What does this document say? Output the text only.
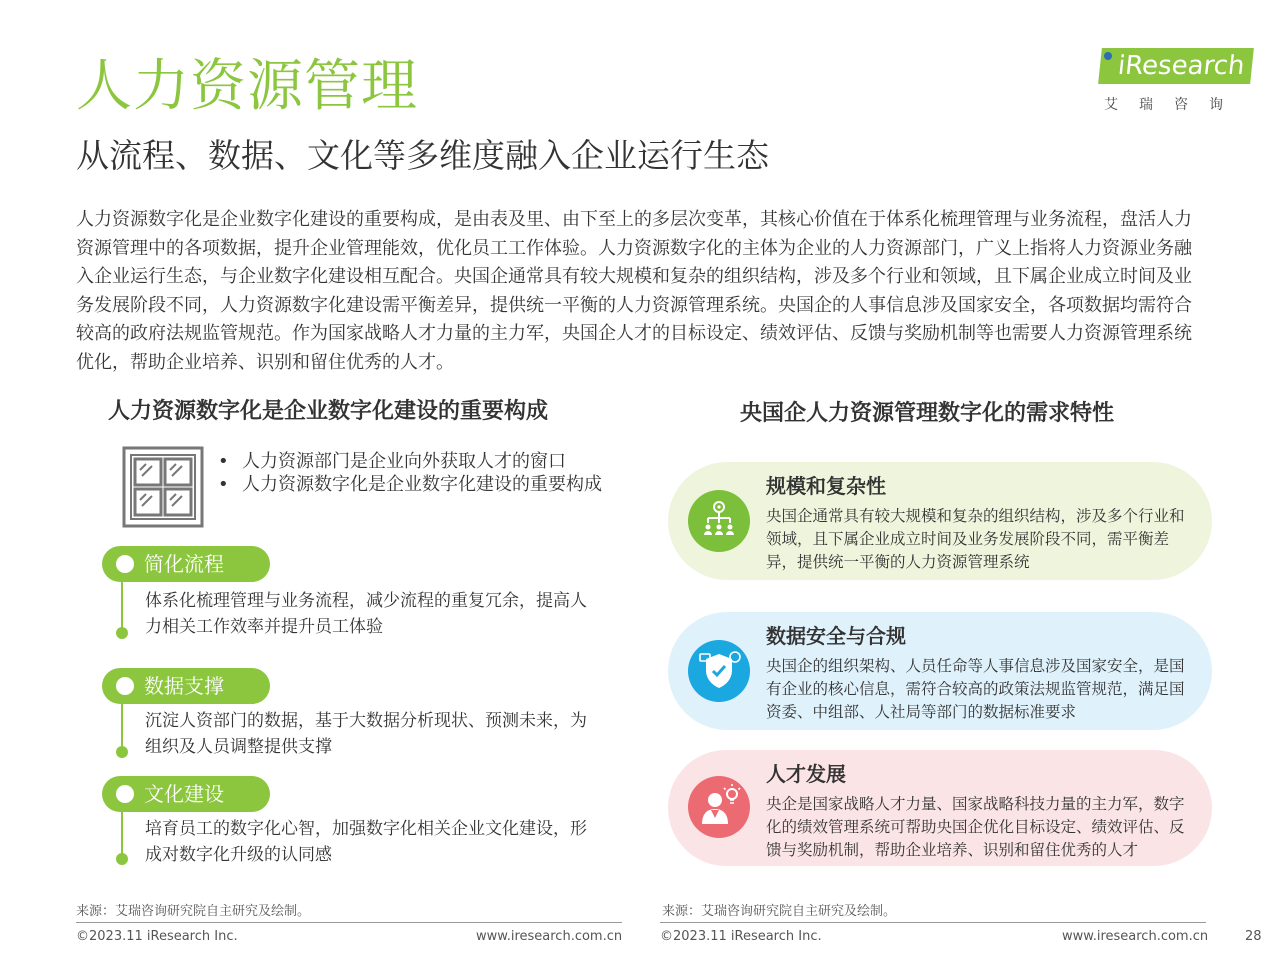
人力资源管理
从流程、数据、文化等多维度融入企业运行生态
iResearch
艾瑞咨询
人力资源数字化是企业数字化建设的重要构成，是由表及里、由下至上的多层次变革，其核心价值在于体系化梳理管理与业务流程，盘活人力资源管理中的各项数据，提升企业管理能效，优化员工工作体验。人力资源数字化的主体为企业的人力资源部门，广义上指将人力资源业务融入企业运行生态，与企业数字化建设相互配合。央国企通常具有较大规模和复杂的组织结构，涉及多个行业和领域，且下属企业成立时间及业务发展阶段不同，人力资源数字化建设需平衡差异，提供统一平衡的人力资源管理系统。央国企的人事信息涉及国家安全，各项数据均需符合较高的政府法规监管规范。作为国家战略人才力量的主力军，央国企人才的目标设定、绩效评估、反馈与奖励机制等也需要人力资源管理系统优化，帮助企业培养、识别和留住优秀的人才。
人力资源数字化是企业数字化建设的重要构成
• 人力资源部门是企业向外获取人才的窗口
• 人力资源数字化是企业数字化建设的重要构成
简化流程
体系化梳理管理与业务流程，减少流程的重复冗余，提高人力相关工作效率并提升员工体验
数据支撑
沉淀人资部门的数据，基于大数据分析现状、预测未来，为组织及人员调整提供支撑
文化建设
培育员工的数字化心智，加强数字化相关企业文化建设，形成对数字化升级的认同感
央国企人力资源管理数字化的需求特性
规模和复杂性
央国企通常具有较大规模和复杂的组织结构，涉及多个行业和领域，且下属企业成立时间及业务发展阶段不同，需平衡差异，提供统一平衡的人力资源管理系统
数据安全与合规
央国企的组织架构、人员任命等人事信息涉及国家安全，是国有企业的核心信息，需符合较高的政策法规监管规范，满足国资委、中组部、人社局等部门的数据标准要求
人才发展
央企是国家战略人才力量、国家战略科技力量的主力军，数字化的绩效管理系统可帮助央国企优化目标设定、绩效评估、反馈与奖励机制，帮助企业培养、识别和留住优秀的人才
来源：艾瑞咨询研究院自主研究及绘制。	来源：艾瑞咨询研究院自主研究及绘制。
©2023.11 iResearch Inc.	www.iresearch.com.cn	©2023.11 iResearch Inc.	www.iresearch.com.cn	28
